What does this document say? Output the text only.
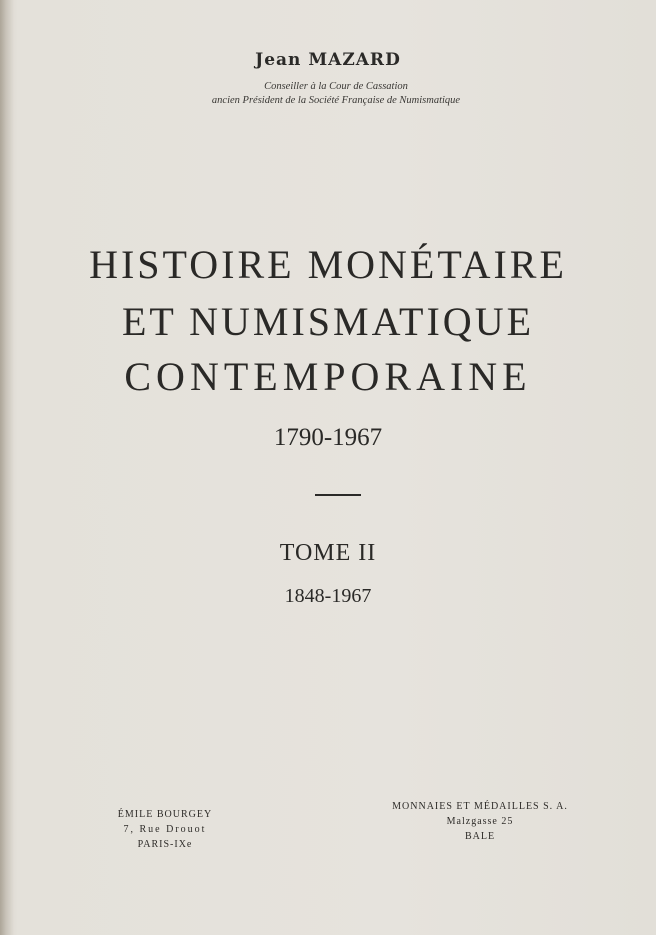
Jean MAZARD
Conseiller à la Cour de Cassation
ancien Président de la Société Française de Numismatique
HISTOIRE MONÉTAIRE
ET NUMISMATIQUE
CONTEMPORAINE
1790-1967
TOME II
1848-1967
ÉMILE BOURGEY
7, Rue Drouot
PARIS-IXe
MONNAIES ET MÉDAILLES S. A.
Malzgasse 25
BALE
